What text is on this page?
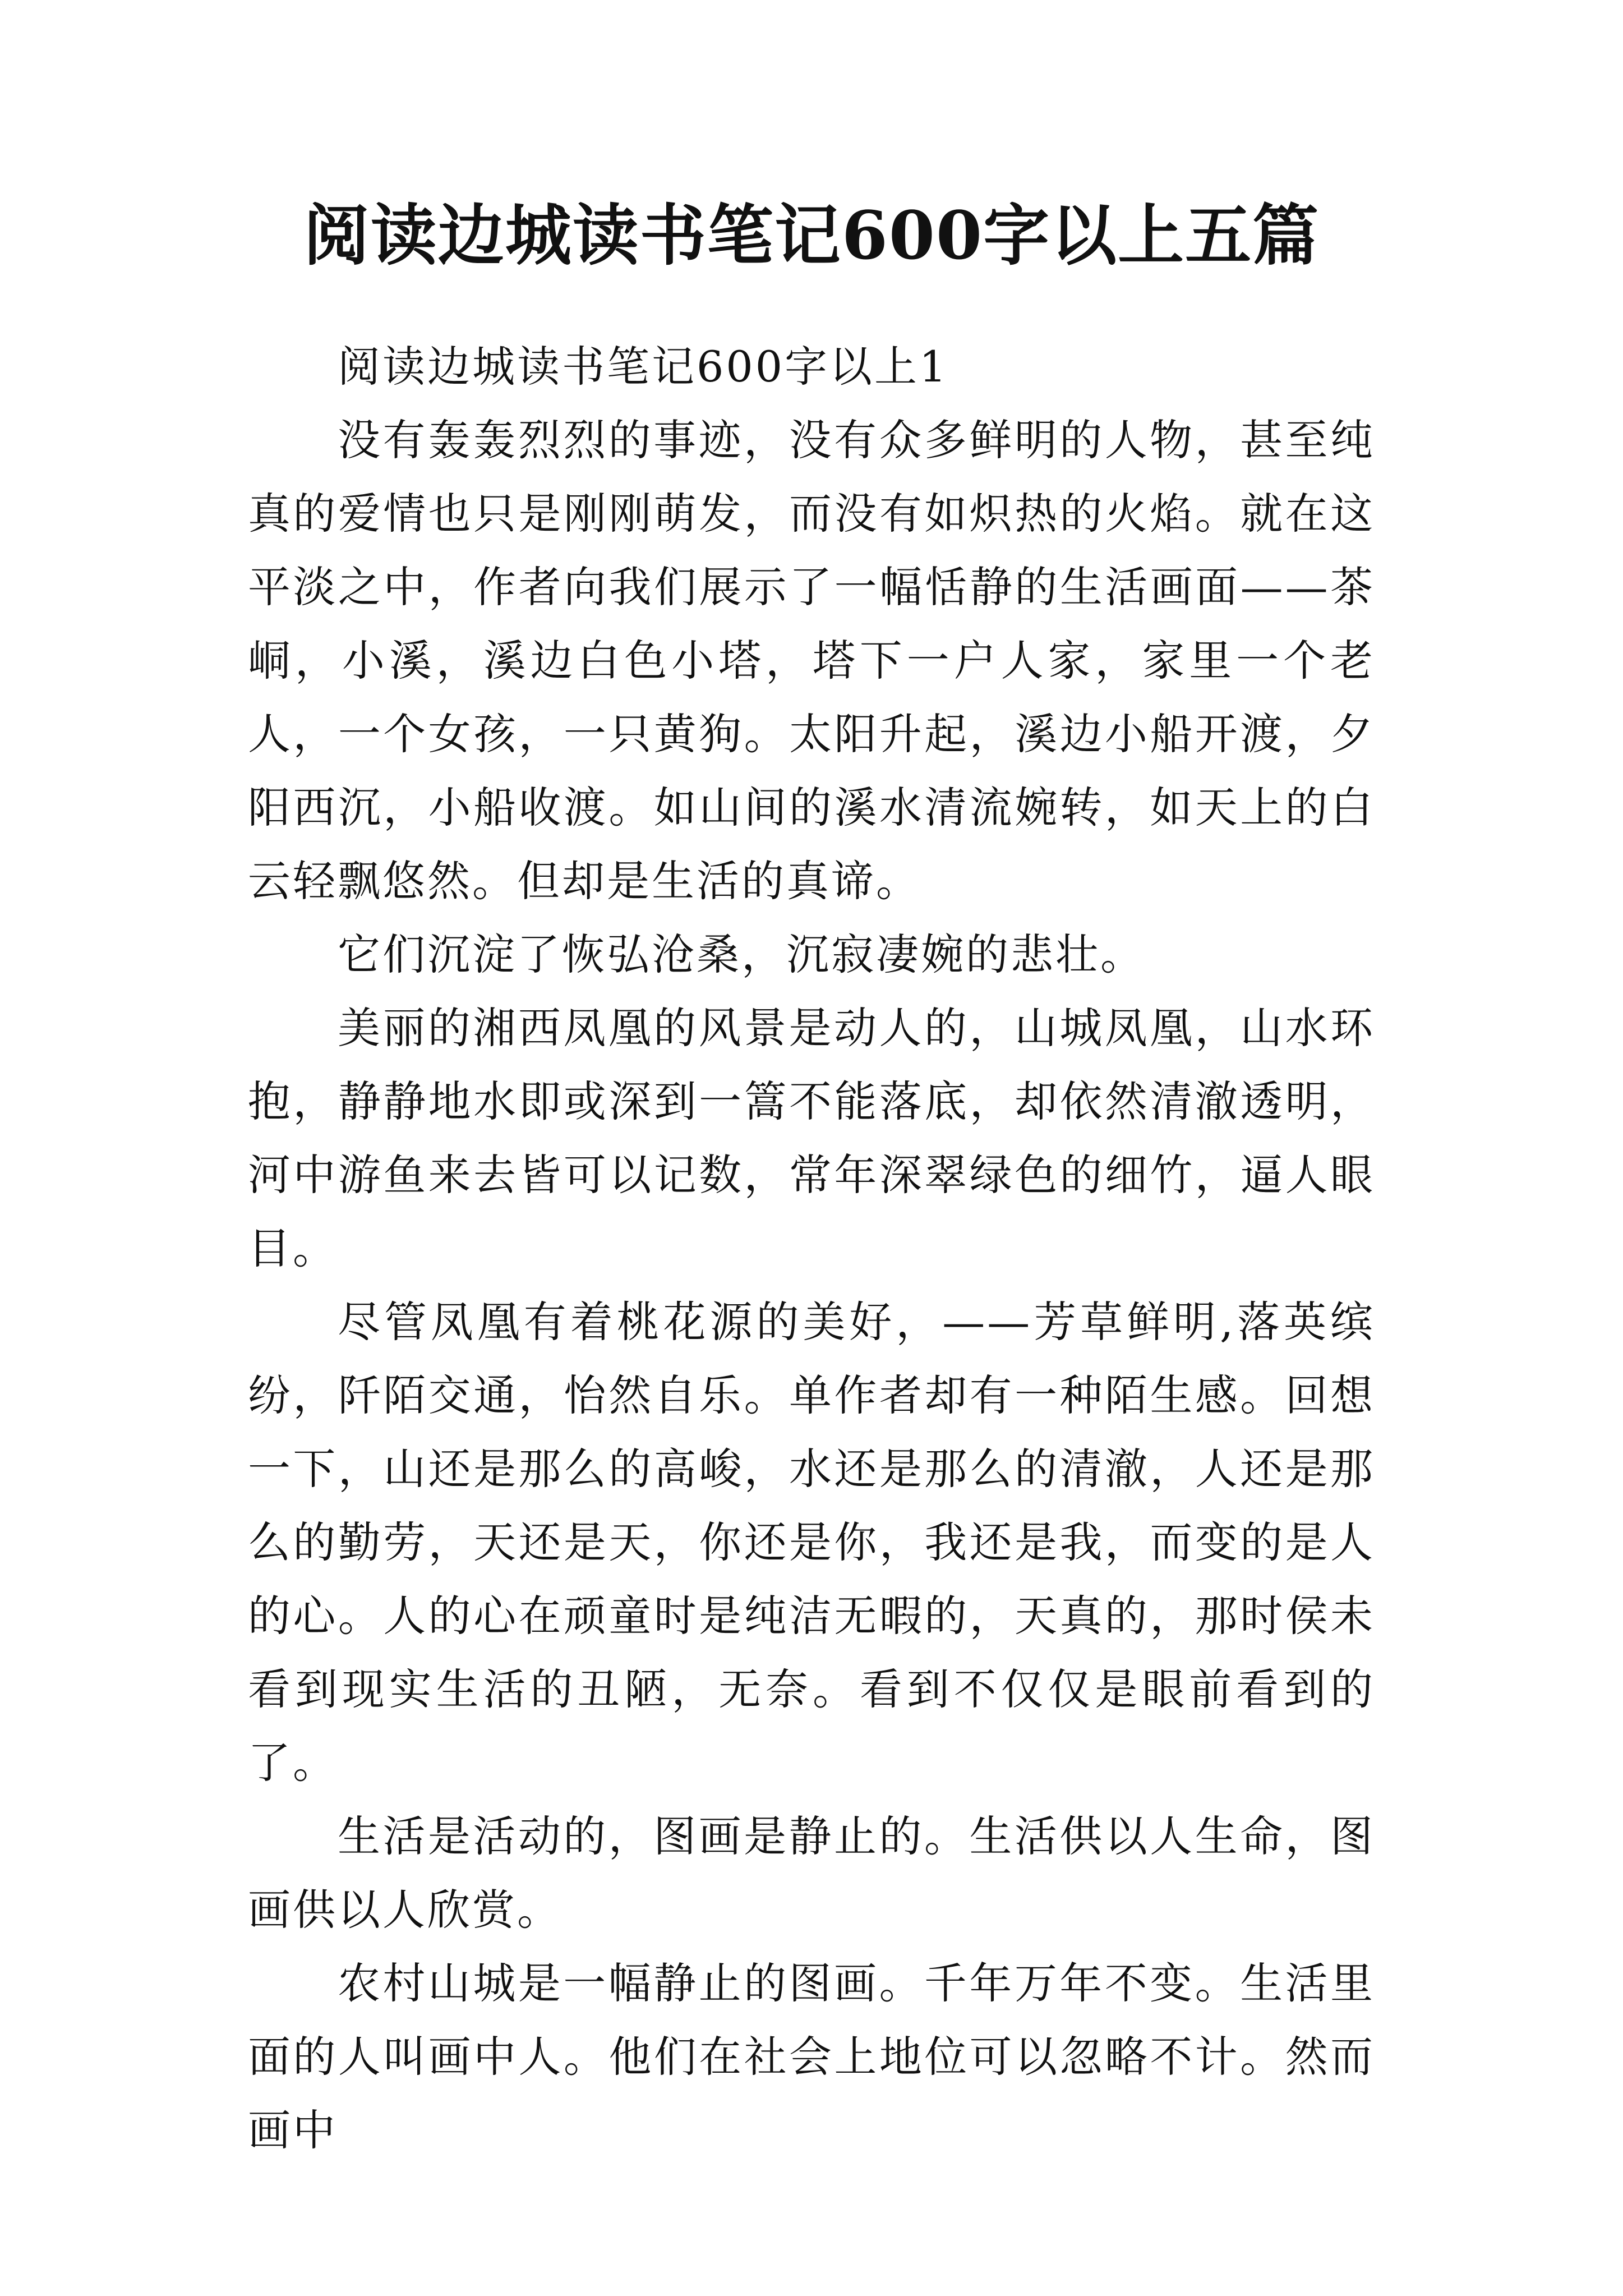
阅读边城读书笔记600字以上五篇

阅读边城读书笔记600字以上1

没有轰轰烈烈的事迹，没有众多鲜明的人物，甚至纯真的爱情也只是刚刚萌发，而没有如炽热的火焰。就在这平淡之中，作者向我们展示了一幅恬静的生活画面——茶峒，小溪，溪边白色小塔，塔下一户人家，家里一个老人，一个女孩，一只黄狗。太阳升起，溪边小船开渡，夕阳西沉，小船收渡。如山间的溪水清流婉转，如天上的白云轻飘悠然。但却是生活的真谛。

它们沉淀了恢弘沧桑，沉寂凄婉的悲壮。

美丽的湘西凤凰的风景是动人的，山城凤凰，山水环抱，静静地水即或深到一篙不能落底，却依然清澈透明，河中游鱼来去皆可以记数，常年深翠绿色的细竹，逼人眼目。

尽管凤凰有着桃花源的美好，——芳草鲜明,落英缤纷，阡陌交通，怡然自乐。单作者却有一种陌生感。回想一下，山还是那么的高峻，水还是那么的清澈，人还是那么的勤劳，天还是天，你还是你，我还是我，而变的是人的心。人的心在顽童时是纯洁无暇的，天真的，那时侯未看到现实生活的丑陋，无奈。看到不仅仅是眼前看到的了。

生活是活动的，图画是静止的。生活供以人生命，图画供以人欣赏。

农村山城是一幅静止的图画。千年万年不变。生活里面的人叫画中人。他们在社会上地位可以忽略不计。然而画中
